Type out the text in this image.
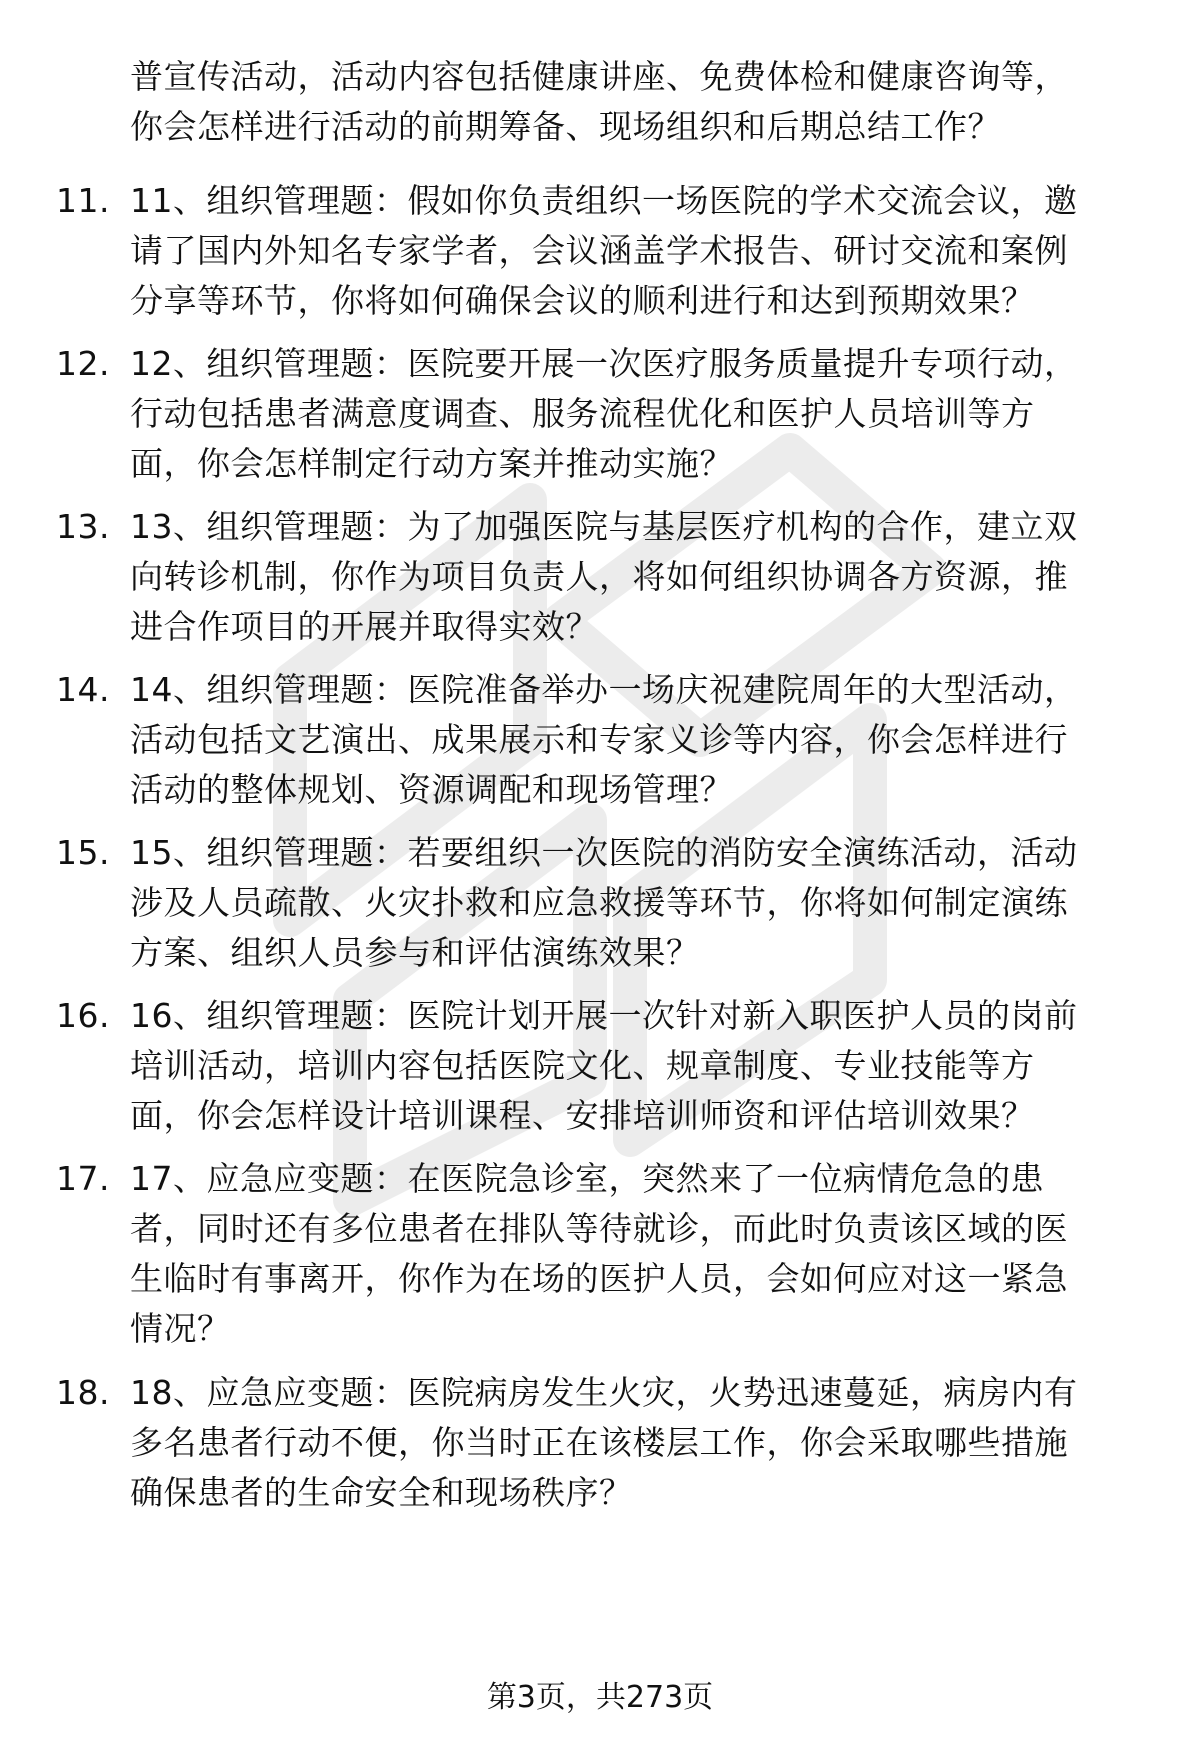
普宣传活动，活动内容包括健康讲座、免费体检和健康咨询等，
你会怎样进行活动的前期筹备、现场组织和后期总结工作？
11. 11、组织管理题：假如你负责组织一场医院的学术交流会议，邀
请了国内外知名专家学者，会议涵盖学术报告、研讨交流和案例
分享等环节，你将如何确保会议的顺利进行和达到预期效果？
12. 12、组织管理题：医院要开展一次医疗服务质量提升专项行动，
行动包括患者满意度调查、服务流程优化和医护人员培训等方
面，你会怎样制定行动方案并推动实施？
13. 13、组织管理题：为了加强医院与基层医疗机构的合作，建立双
向转诊机制，你作为项目负责人，将如何组织协调各方资源，推
进合作项目的开展并取得实效？
14. 14、组织管理题：医院准备举办一场庆祝建院周年的大型活动，
活动包括文艺演出、成果展示和专家义诊等内容，你会怎样进行
活动的整体规划、资源调配和现场管理？
15. 15、组织管理题：若要组织一次医院的消防安全演练活动，活动
涉及人员疏散、火灾扑救和应急救援等环节，你将如何制定演练
方案、组织人员参与和评估演练效果？
16. 16、组织管理题：医院计划开展一次针对新入职医护人员的岗前
培训活动，培训内容包括医院文化、规章制度、专业技能等方
面，你会怎样设计培训课程、安排培训师资和评估培训效果？
17. 17、应急应变题：在医院急诊室，突然来了一位病情危急的患
者，同时还有多位患者在排队等待就诊，而此时负责该区域的医
生临时有事离开，你作为在场的医护人员，会如何应对这一紧急
情况？
18. 18、应急应变题：医院病房发生火灾，火势迅速蔓延，病房内有
多名患者行动不便，你当时正在该楼层工作，你会采取哪些措施
确保患者的生命安全和现场秩序？
第3页，共273页
